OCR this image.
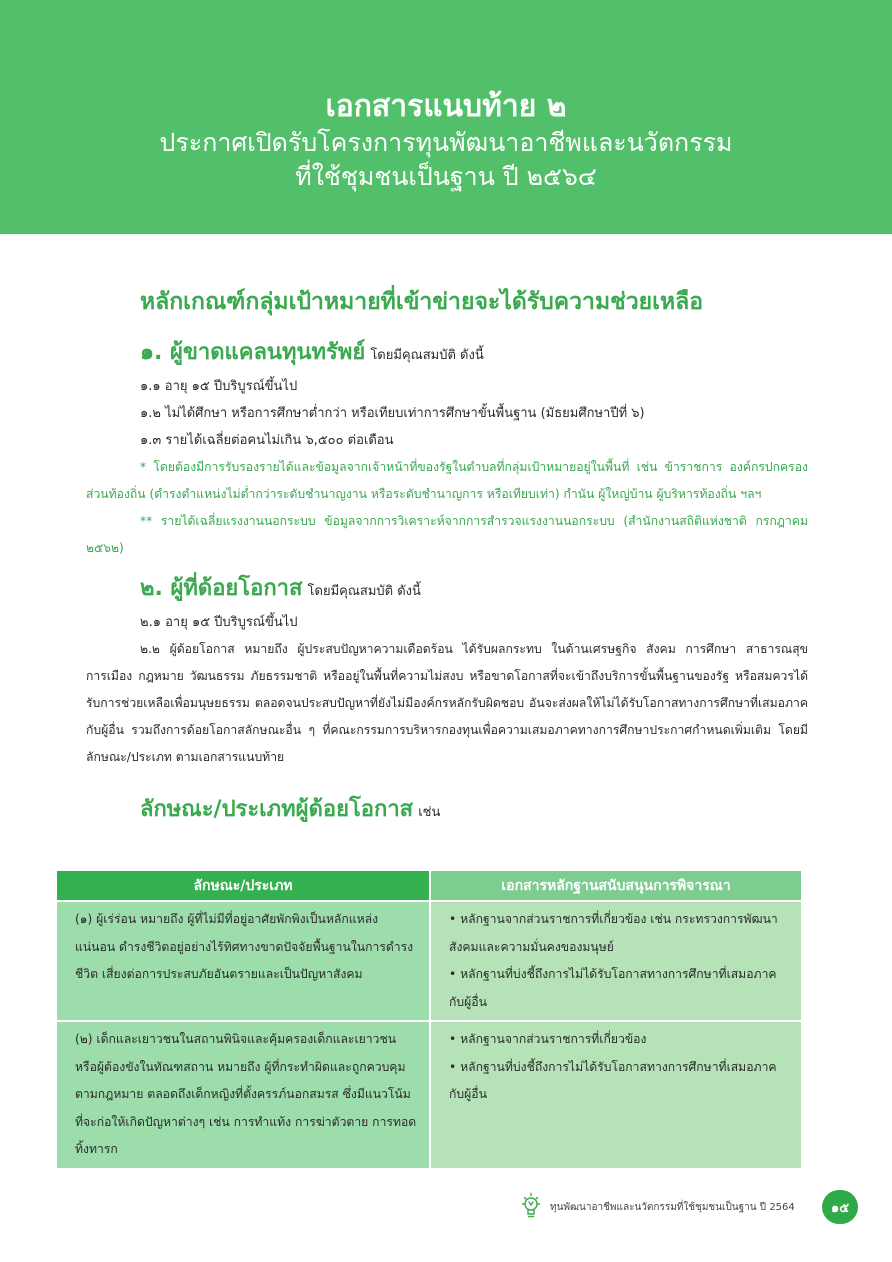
เอกสารแนบท้าย ๒
ประกาศเปิดรับโครงการทุนพัฒนาอาชีพและนวัตกรรม
ที่ใช้ชุมชนเป็นฐาน ปี ๒๕๖๔
หลักเกณฑ์กลุ่มเป้าหมายที่เข้าข่ายจะได้รับความช่วยเหลือ
๑. ผู้ขาดแคลนทุนทรัพย์ โดยมีคุณสมบัติ ดังนี้
๑.๑ อายุ ๑๕ ปีบริบูรณ์ขึ้นไป
๑.๒ ไม่ได้ศึกษา หรือการศึกษาต่ำกว่า หรือเทียบเท่าการศึกษาขั้นพื้นฐาน (มัธยมศึกษาปีที่ ๖)
๑.๓ รายได้เฉลี่ยต่อคนไม่เกิน ๖,๕๐๐ ต่อเดือน
* โดยต้องมีการรับรองรายได้และข้อมูลจากเจ้าหน้าที่ของรัฐในตำบลที่กลุ่มเป้าหมายอยู่ในพื้นที่ เช่น ข้าราชการ องค์กรปกครองส่วนท้องถิ่น (ดำรงตำแหน่งไม่ต่ำกว่าระดับชำนาญงาน หรือระดับชำนาญการ หรือเทียบเท่า) กำนัน ผู้ใหญ่บ้าน ผู้บริหารท้องถิ่น ฯลฯ
** รายได้เฉลี่ยแรงงานนอกระบบ ข้อมูลจากการวิเคราะห์จากการสำรวจแรงงานนอกระบบ (สำนักงานสถิติแห่งชาติ กรกฎาคม ๒๕๖๒)
๒. ผู้ที่ด้อยโอกาส โดยมีคุณสมบัติ ดังนี้
๒.๑ อายุ ๑๕ ปีบริบูรณ์ขึ้นไป
๒.๒ ผู้ด้อยโอกาส หมายถึง ผู้ประสบปัญหาความเดือดร้อน ได้รับผลกระทบ ในด้านเศรษฐกิจ สังคม การศึกษา สาธารณสุข การเมือง กฎหมาย วัฒนธรรม ภัยธรรมชาติ หรืออยู่ในพื้นที่ความไม่สงบ หรือขาดโอกาสที่จะเข้าถึงบริการขั้นพื้นฐานของรัฐ หรือสมควรได้รับการช่วยเหลือเพื่อมนุษยธรรม ตลอดจนประสบปัญหาที่ยังไม่มีองค์กรหลักรับผิดชอบ อันจะส่งผลให้ไม่ได้รับโอกาสทางการศึกษาที่เสมอภาคกับผู้อื่น รวมถึงการด้อยโอกาสลักษณะอื่น ๆ ที่คณะกรรมการบริหารกองทุนเพื่อความเสมอภาคทางการศึกษาประกาศกำหนดเพิ่มเติม โดยมีลักษณะ/ประเภท ตามเอกสารแนบท้าย
ลักษณะ/ประเภทผู้ด้อยโอกาส เช่น
ลักษณะ/ประเภท	เอกสารหลักฐานสนับสนุนการพิจารณา
(๑) ผู้เร่ร่อน หมายถึง ผู้ที่ไม่มีที่อยู่อาศัยพักพิงเป็นหลักแหล่งแน่นอน ดำรงชีวิตอยู่อย่างไร้ทิศทางขาดปัจจัยพื้นฐานในการดำรงชีวิต เสี่ยงต่อการประสบภัยอันตรายและเป็นปัญหาสังคม	• หลักฐานจากส่วนราชการที่เกี่ยวข้อง เช่น กระทรวงการพัฒนาสังคมและความมั่นคงของมนุษย์
• หลักฐานที่บ่งชี้ถึงการไม่ได้รับโอกาสทางการศึกษาที่เสมอภาคกับผู้อื่น

(๒) เด็กและเยาวชนในสถานพินิจและคุ้มครองเด็กและเยาวชนหรือผู้ต้องขังในทัณฑสถาน หมายถึง ผู้ที่กระทำผิดและถูกควบคุมตามกฎหมาย ตลอดถึงเด็กหญิงที่ตั้งครรภ์นอกสมรส ซึ่งมีแนวโน้มที่จะก่อให้เกิดปัญหาต่างๆ เช่น การทำแท้ง การฆ่าตัวตาย การทอดทิ้งทารก	• หลักฐานจากส่วนราชการที่เกี่ยวข้อง
• หลักฐานที่บ่งชี้ถึงการไม่ได้รับโอกาสทางการศึกษาที่เสมอภาคกับผู้อื่น
ทุนพัฒนาอาชีพและนวัตกรรมที่ใช้ชุมชนเป็นฐาน ปี 2564	๑๕
